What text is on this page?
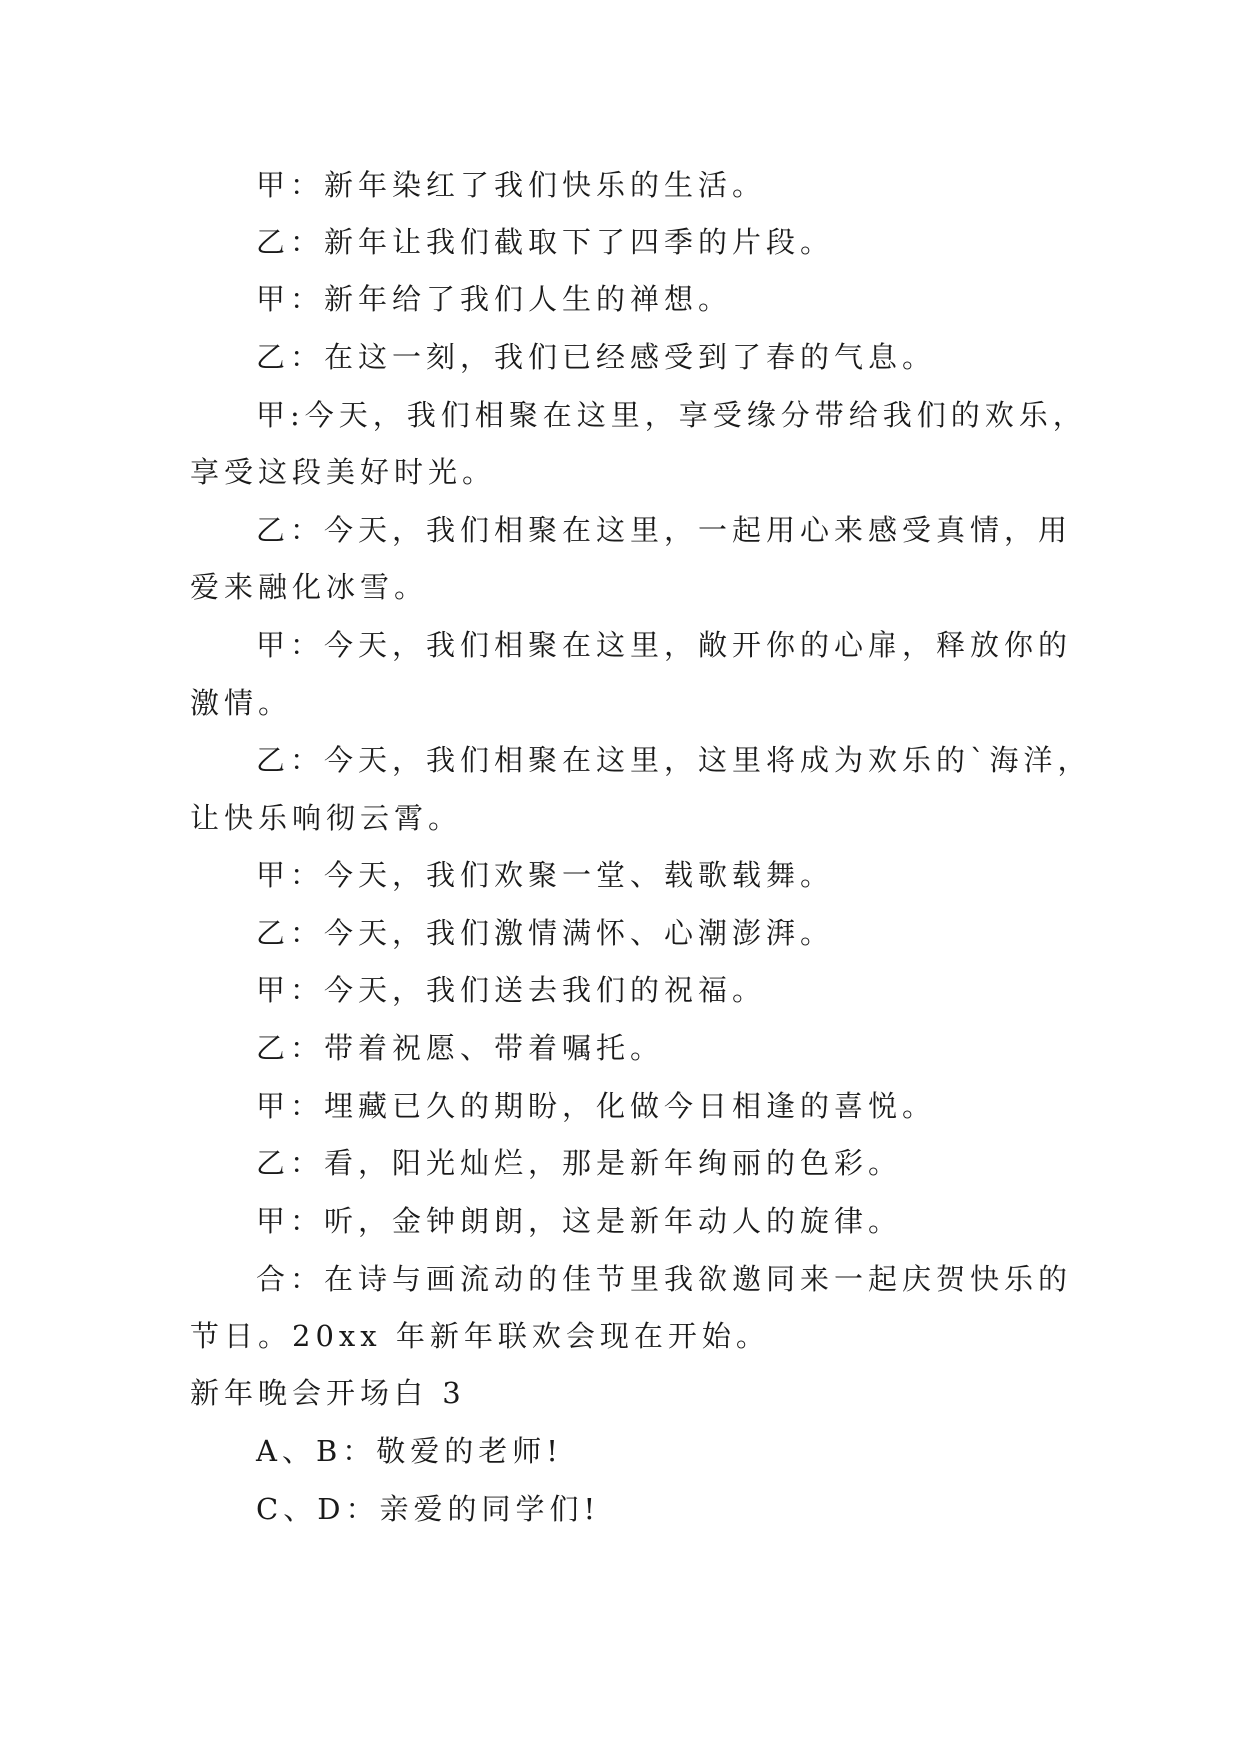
甲：新年染红了我们快乐的生活。
乙：新年让我们截取下了四季的片段。
甲：新年给了我们人生的禅想。
乙：在这一刻，我们已经感受到了春的气息。
甲:今天，我们相聚在这里，享受缘分带给我们的欢乐，
享受这段美好时光。
乙：今天，我们相聚在这里，一起用心来感受真情，用
爱来融化冰雪。
甲：今天，我们相聚在这里，敞开你的心扉，释放你的
激情。
乙：今天，我们相聚在这里，这里将成为欢乐的`海洋，
让快乐响彻云霄。
甲：今天，我们欢聚一堂、载歌载舞。
乙：今天，我们激情满怀、心潮澎湃。
甲：今天，我们送去我们的祝福。
乙：带着祝愿、带着嘱托。
甲：埋藏已久的期盼，化做今日相逢的喜悦。
乙：看，阳光灿烂，那是新年绚丽的色彩。
甲：听，金钟朗朗，这是新年动人的旋律。
合：在诗与画流动的佳节里我欲邀同来一起庆贺快乐的
节日。20xx 年新年联欢会现在开始。
新年晚会开场白 3
A、B：敬爱的老师!
C、D：亲爱的同学们!
